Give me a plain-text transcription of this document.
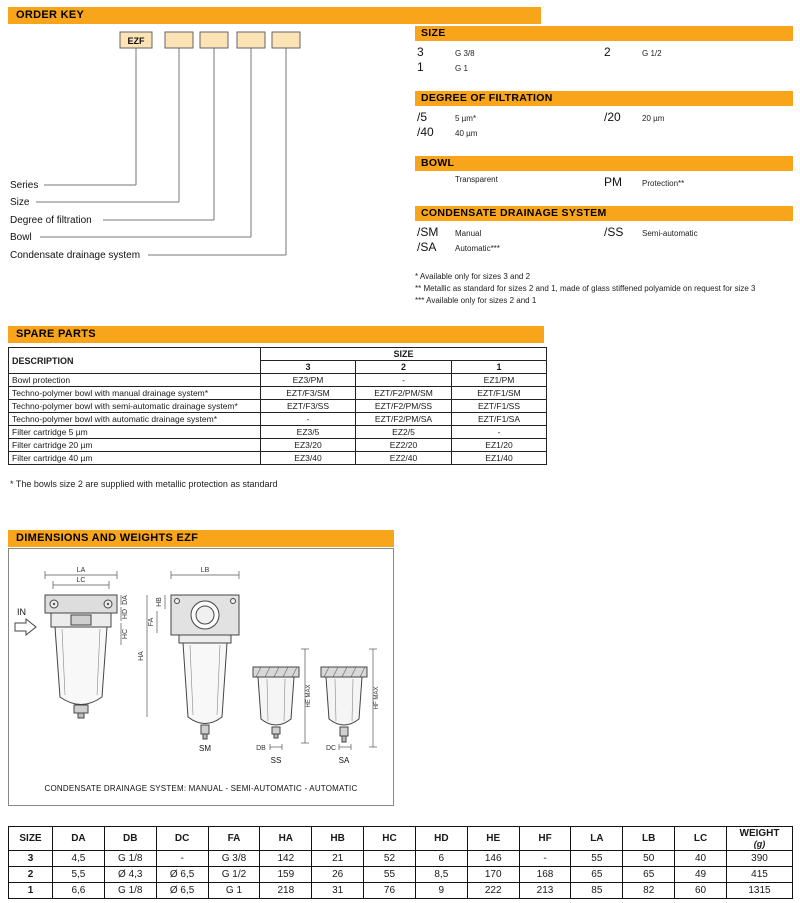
ORDER KEY
EZF
Series
Size
Degree of filtration
Bowl
Condensate drainage system
SIZE
3	G 3/8	2	G 1/2
1	G 1
DEGREE OF FILTRATION
/5	5 µm*	/20	20 µm
/40	40 µm
BOWL
Transparent	PM	Protection**
CONDENSATE DRAINAGE SYSTEM
/SM	Manual	/SS	Semi-automatic
/SA	Automatic***
* Available only for sizes 3 and 2
** Metallic as standard for sizes 2 and 1, made of glass stiffened polyamide on request for size 3
*** Available only for sizes 2 and 1
SPARE PARTS
DESCRIPTION	SIZE		
	3	2	1
Bowl protection	EZ3/PM	-	EZ1/PM
Techno-polymer bowl with manual drainage system*	EZT/F3/SM	EZT/F2/PM/SM	EZT/F1/SM
Techno-polymer bowl with semi-automatic drainage system*	EZT/F3/SS	EZT/F2/PM/SS	EZT/F1/SS
Techno-polymer bowl with automatic drainage system*	-	EZT/F2/PM/SA	EZT/F1/SA
Filter cartridge 5 µm	EZ3/5	EZ2/5	-
Filter cartridge 20 µm	EZ3/20	EZ2/20	EZ1/20
Filter cartridge 40 µm	EZ3/40	EZ2/40	EZ1/40
* The bowls size 2 are supplied with metallic protection as standard
DIMENSIONS AND WEIGHTS EZF
IN
LA
LC
DA
HD
HC
HA
FA
HB
LB
SM	DB
SS
HE MAX
DC
SA
HF MAX
CONDENSATE DRAINAGE SYSTEM: MANUAL - SEMI-AUTOMATIC - AUTOMATIC
SIZE	DA	DB	DC	FA	HA	HB	HC	HD	HE	HF	LA	LB	LC	WEIGHT
(g)

3	4,5	G 1/8	-	G 3/8	142	21	52	6	146	-	55	50	40	390
2	5,5	Ø 4,3	Ø 6,5	G 1/2	159	26	55	8,5	170	168	65	65	49	415
1	6,6	G 1/8	Ø 6,5	G 1	218	31	76	9	222	213	85	82	60	1315
